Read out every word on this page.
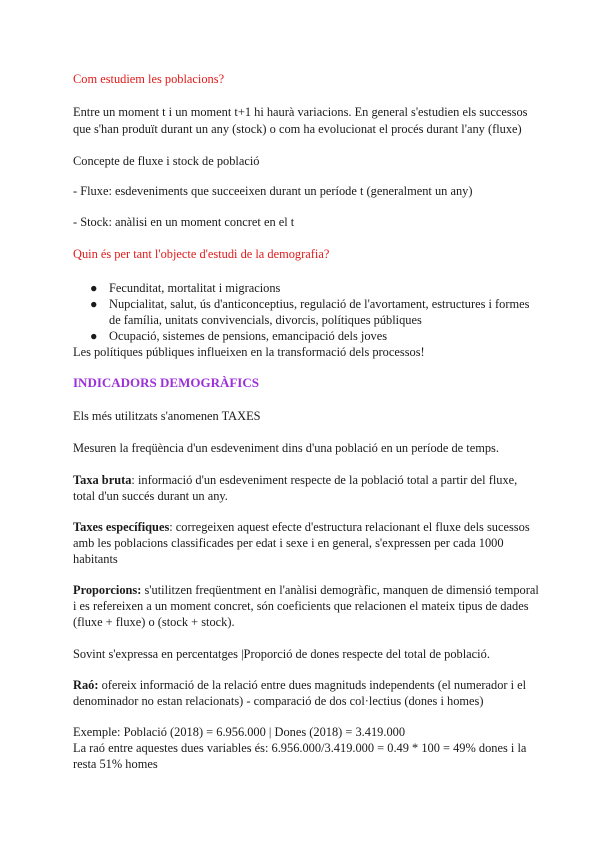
Com estudiem les poblacions?
Entre un moment t i un moment t+1 hi haurà variacions. En general s'estudien els successos
que s'han produït durant un any (stock) o com ha evolucionat el procés durant l'any (fluxe)
Concepte de fluxe i stock de població
- Fluxe: esdeveniments que succeeixen durant un període t (generalment un any)
- Stock: anàlisi en un moment concret en el t
Quin és per tant l'objecte d'estudi de la demografia?
● Fecunditat, mortalitat i migracions
● Nupcialitat, salut, ús d'anticonceptius, regulació de l'avortament, estructures i formes
de família, unitats convivencials, divorcis, polítiques públiques
● Ocupació, sistemes de pensions, emancipació dels joves
Les polítiques públiques influeixen en la transformació dels processos!
INDICADORS DEMOGRÀFICS
Els més utilitzats s'anomenen TAXES
Mesuren la freqüència d'un esdeveniment dins d'una població en un període de temps.
Taxa bruta: informació d'un esdeveniment respecte de la població total a partir del fluxe,
total d'un succés durant un any.
Taxes específiques: corregeixen aquest efecte d'estructura relacionant el fluxe dels sucessos
amb les poblacions classificades per edat i sexe i en general, s'expressen per cada 1000
habitants
Proporcions: s'utilitzen freqüentment en l'anàlisi demogràfic, manquen de dimensió temporal
i es refereixen a un moment concret, són coeficients que relacionen el mateix tipus de dades
(fluxe + fluxe) o (stock + stock).
Sovint s'expressa en percentatges |Proporció de dones respecte del total de població.
Raó: ofereix informació de la relació entre dues magnituds independents (el numerador i el
denominador no estan relacionats) - comparació de dos col·lectius (dones i homes)
Exemple: Població (2018) = 6.956.000 | Dones (2018) = 3.419.000
La raó entre aquestes dues variables és: 6.956.000/3.419.000 = 0.49 * 100 = 49% dones i la
resta 51% homes
